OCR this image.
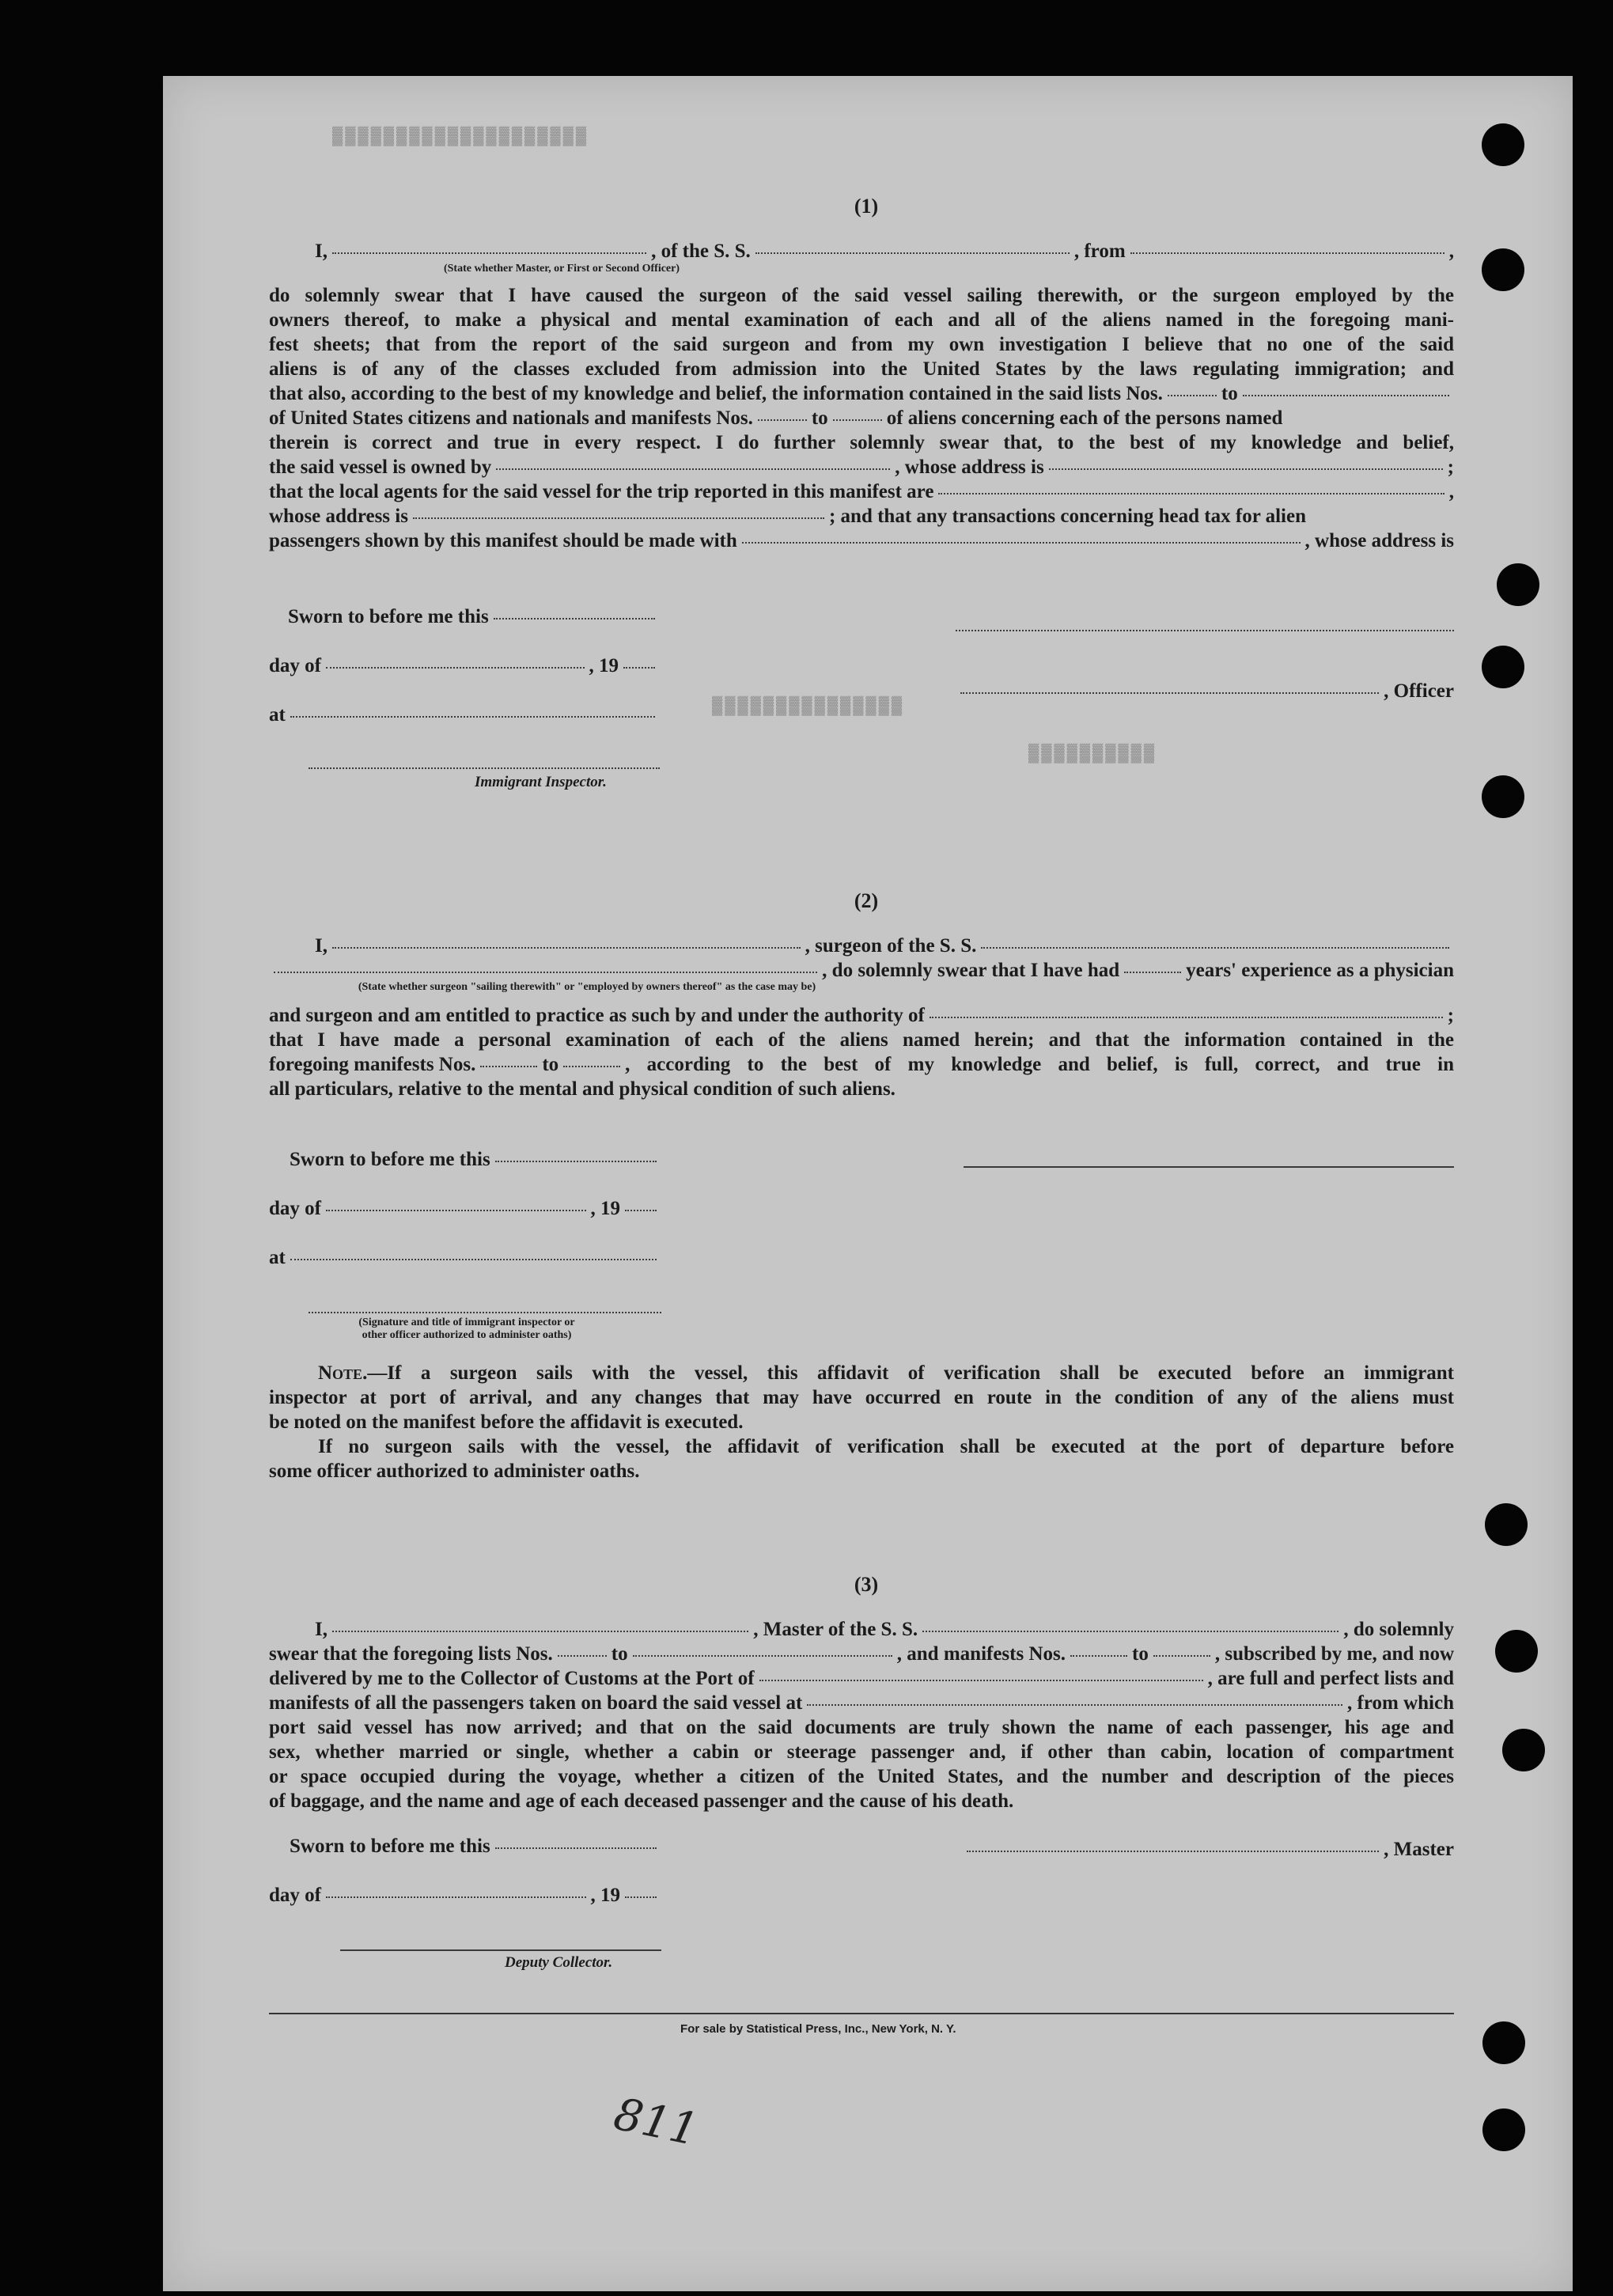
▓▓▓▓▓▓▓▓▓▓▓▓▓▓▓▓▓▓▓▓
▓▓▓▓▓▓▓▓▓▓▓▓▓▓▓
▓▓▓▓▓▓▓▓▓▓
(1)
I,	, of the S. S.	, from	,
(State whether Master, or First or Second Officer)
do solemnly swear that I have caused the surgeon of the said vessel sailing therewith, or the surgeon employed by the
owners thereof, to make a physical and mental examination of each and all of the aliens named in the foregoing mani-
fest sheets; that from the report of the said surgeon and from my own investigation I believe that no one of the said
aliens is of any of the classes excluded from admission into the United States by the laws regulating immigration; and
that also, according to the best of my knowledge and belief, the information contained in the said lists Nos.	to
of United States citizens and nationals and manifests Nos.	to	of aliens concerning each of the persons named
therein is correct and true in every respect. I do further solemnly swear that, to the best of my knowledge and belief,
the said vessel is owned by	, whose address is	;
that the local agents for the said vessel for the trip reported in this manifest are	,
whose address is	; and that any transactions concerning head tax for alien
passengers shown by this manifest should be made with	, whose address is
Sworn to before me this
day of	, 19
, Officer
at
Immigrant Inspector.
(2)
I,	, surgeon of the S. S.
, do solemnly swear that I have had	years' experience as a physician
(State whether surgeon "sailing therewith" or "employed by owners thereof" as the case may be)
and surgeon and am entitled to practice as such by and under the authority of	;
that I have made a personal examination of each of the aliens named herein; and that the information contained in the
foregoing manifests Nos.	to	, according to the best of my knowledge and belief, is full, correct, and true in
all particulars, relative to the mental and physical condition of such aliens.
Sworn to before me this
day of	, 19
at
(Signature and title of immigrant inspector or
other officer authorized to administer oaths)
Note.—If a surgeon sails with the vessel, this affidavit of verification shall be executed before an immigrant
inspector at port of arrival, and any changes that may have occurred en route in the condition of any of the aliens must
be noted on the manifest before the affidavit is executed.
If no surgeon sails with the vessel, the affidavit of verification shall be executed at the port of departure before
some officer authorized to administer oaths.
(3)
I,	, Master of the S. S.	, do solemnly
swear that the foregoing lists Nos.	to	, and manifests Nos.	to	, subscribed by me, and now
delivered by me to the Collector of Customs at the Port of	, are full and perfect lists and
manifests of all the passengers taken on board the said vessel at	, from which
port said vessel has now arrived; and that on the said documents are truly shown the name of each passenger, his age and
sex, whether married or single, whether a cabin or steerage passenger and, if other than cabin, location of compartment
or space occupied during the voyage, whether a citizen of the United States, and the number and description of the pieces
of baggage, and the name and age of each deceased passenger and the cause of his death.
Sworn to before me this	, Master
day of	, 19
Deputy Collector.
For sale by Statistical Press, Inc., New York, N. Y.
811
